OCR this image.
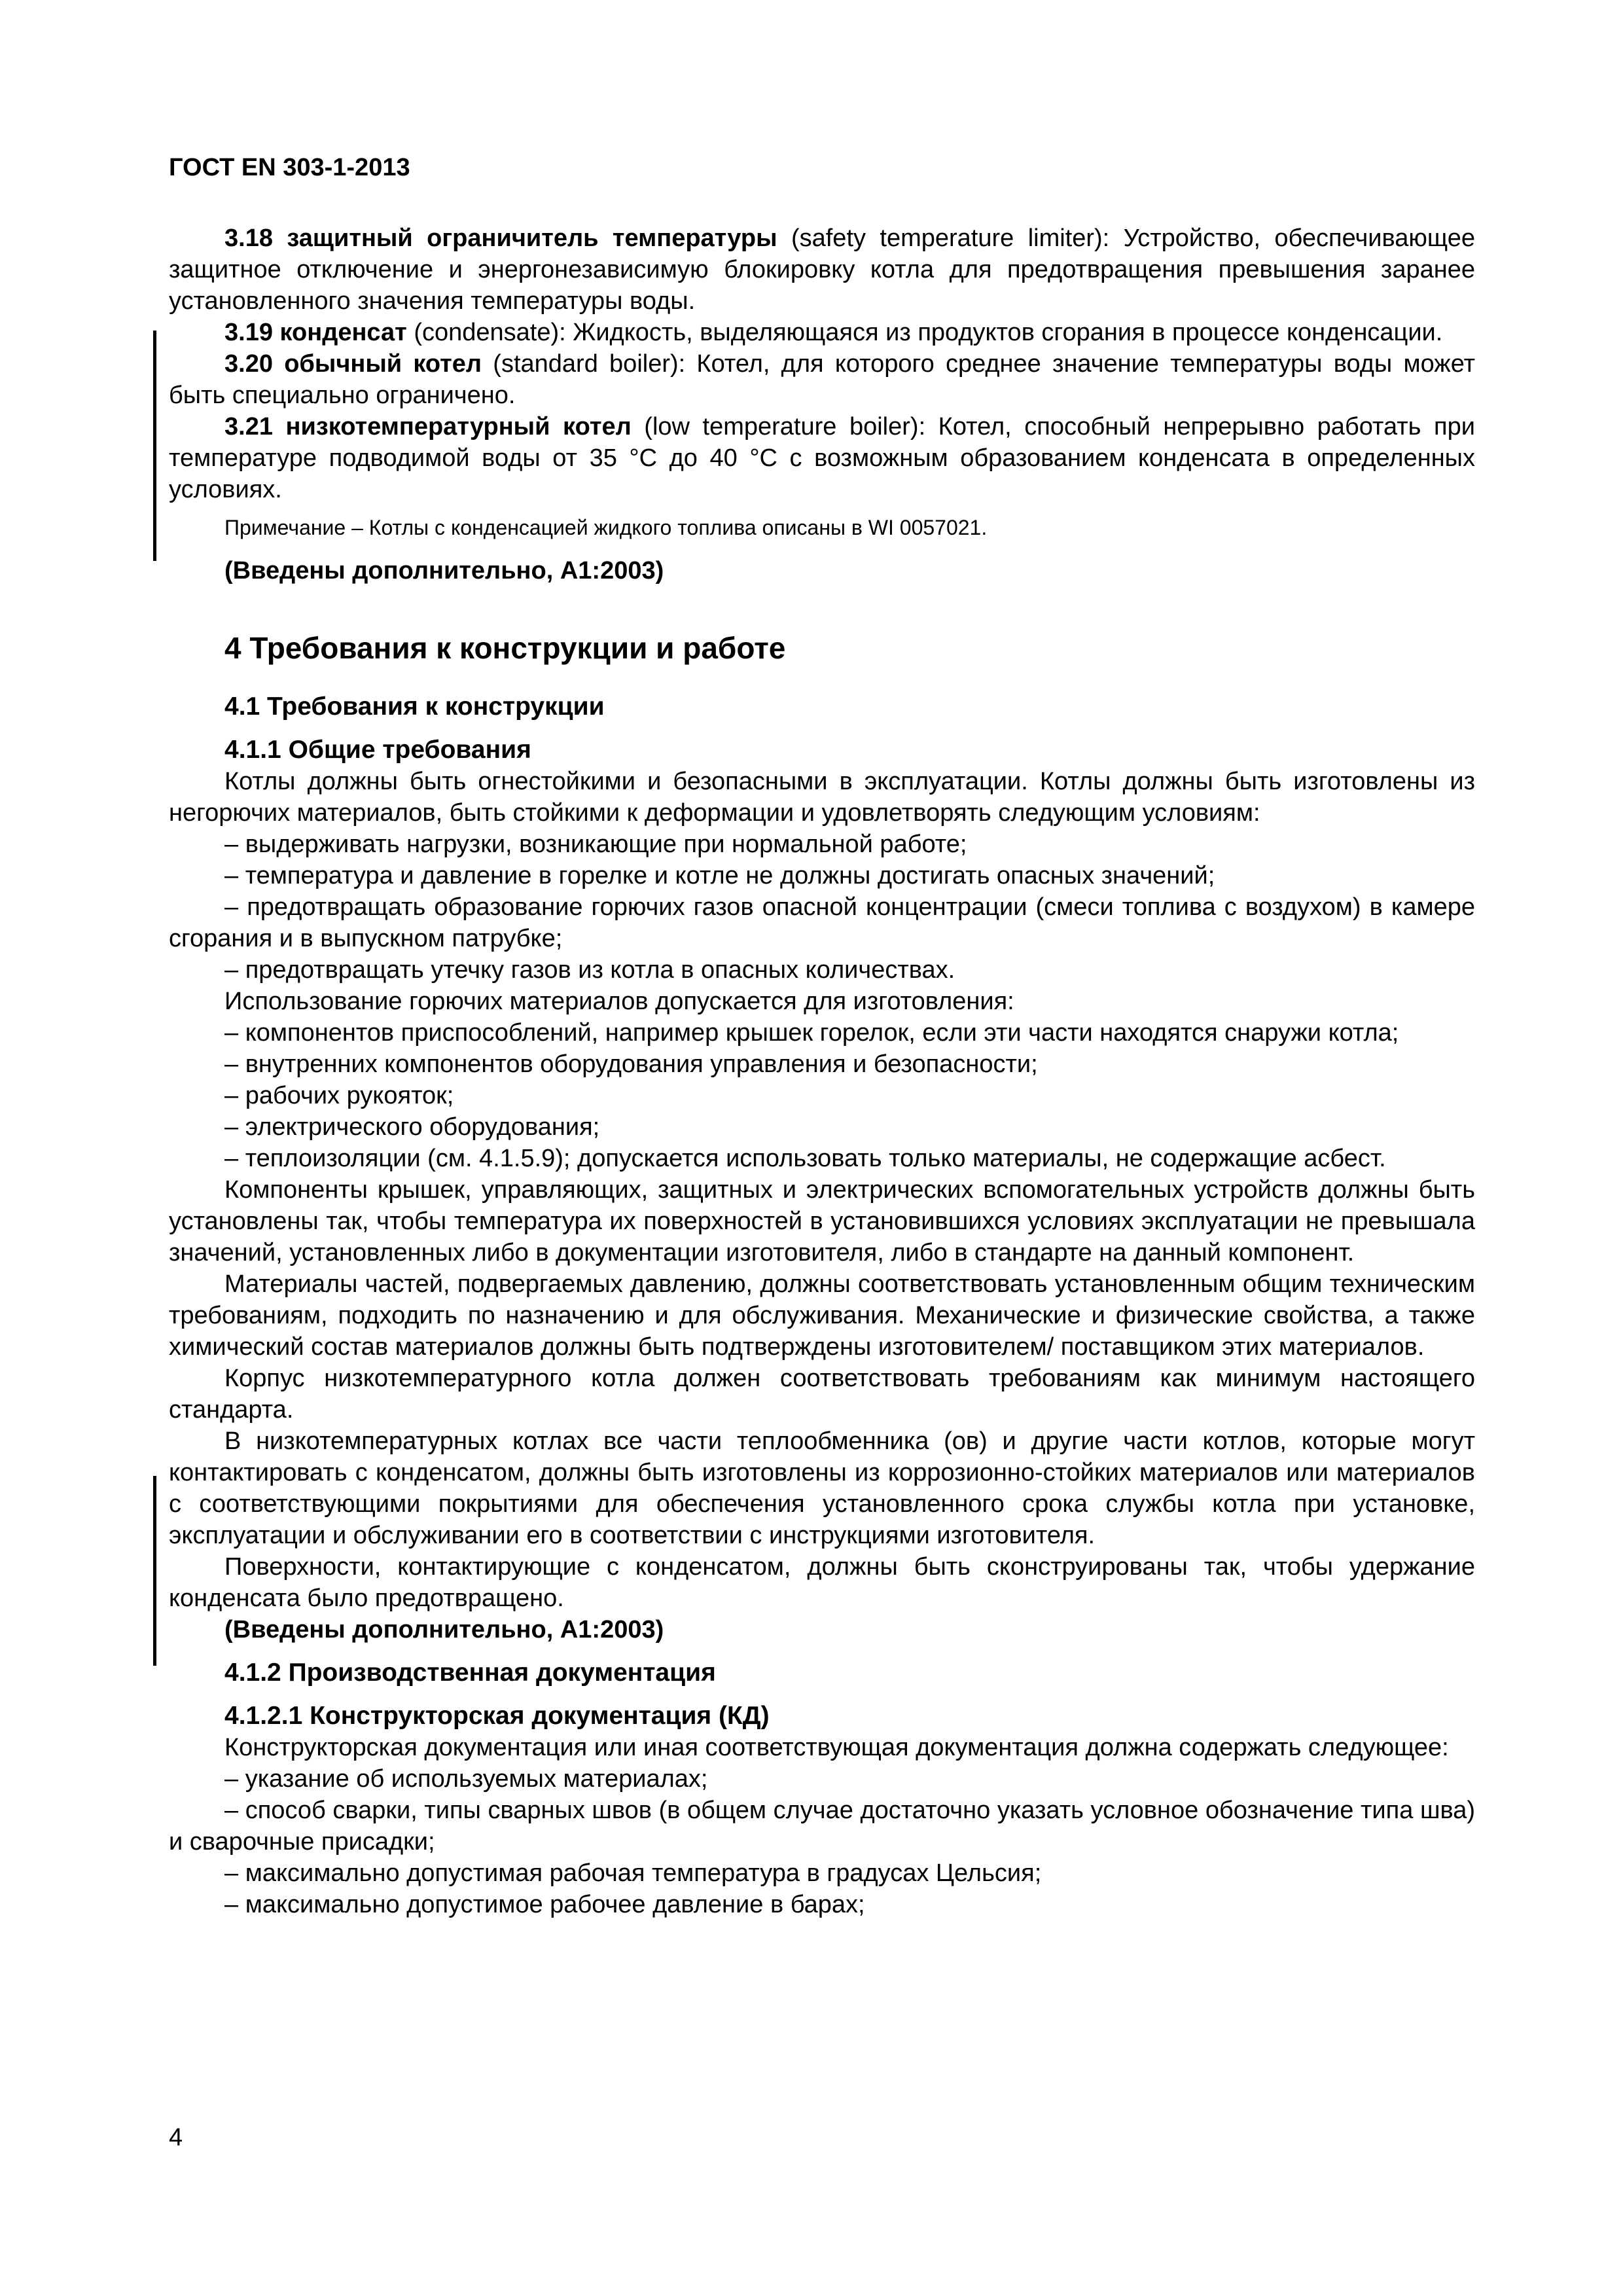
ГОСТ EN 303-1-2013

3.18 защитный ограничитель температуры (safety temperature limiter): Устройство, обеспечивающее защитное отключение и энергонезависимую блокировку котла для предотвращения превышения заранее установленного значения температуры воды.

3.19 конденсат (condensate): Жидкость, выделяющаяся из продуктов сгорания в процессе конденсации.

3.20 обычный котел (standard boiler): Котел, для которого среднее значение температуры воды может быть специально ограничено.

3.21 низкотемпературный котел (low temperature boiler): Котел, способный непрерывно работать при температуре подводимой воды от 35 °C до 40 °C с возможным образованием конденсата в определенных условиях.

Примечание – Котлы с конденсацией жидкого топлива описаны в WI 0057021.

(Введены дополнительно, А1:2003)

4 Требования к конструкции и работе

4.1 Требования к конструкции

4.1.1 Общие требования

Котлы должны быть огнестойкими и безопасными в эксплуатации. Котлы должны быть изготовлены из негорючих материалов, быть стойкими к деформации и удовлетворять следующим условиям:

– выдерживать нагрузки, возникающие при нормальной работе;

– температура и давление в горелке и котле не должны достигать опасных значений;

– предотвращать образование горючих газов опасной концентрации (смеси топлива с воздухом) в камере сгорания и в выпускном патрубке;

– предотвращать утечку газов из котла в опасных количествах.

Использование горючих материалов допускается для изготовления:

– компонентов приспособлений, например крышек горелок, если эти части находятся снаружи котла;

– внутренних компонентов оборудования управления и безопасности;

– рабочих рукояток;

– электрического оборудования;

– теплоизоляции (см. 4.1.5.9); допускается использовать только материалы, не содержащие асбест.

Компоненты крышек, управляющих, защитных и электрических вспомогательных устройств должны быть установлены так, чтобы температура их поверхностей в установившихся условиях эксплуатации не превышала значений, установленных либо в документации изготовителя, либо в стандарте на данный компонент.

Материалы частей, подвергаемых давлению, должны соответствовать установленным общим техническим требованиям, подходить по назначению и для обслуживания. Механические и физические свойства, а также химический состав материалов должны быть подтверждены изготовителем/ поставщиком этих материалов.

Корпус низкотемпературного котла должен соответствовать требованиям как минимум настоящего стандарта.

В низкотемпературных котлах все части теплообменника (ов) и другие части котлов, которые могут контактировать с конденсатом, должны быть изготовлены из коррозионно-стойких материалов или материалов с соответствующими покрытиями для обеспечения установленного срока службы котла при установке, эксплуатации и обслуживании его в соответствии с инструкциями изготовителя.

Поверхности, контактирующие с конденсатом, должны быть сконструированы так, чтобы удержание конденсата было предотвращено.

(Введены дополнительно, А1:2003)

4.1.2 Производственная документация

4.1.2.1 Конструкторская документация (КД)

Конструкторская документация или иная соответствующая документация должна содержать следующее:

– указание об используемых материалах;

– способ сварки, типы сварных швов (в общем случае достаточно указать условное обозначение типа шва) и сварочные присадки;

– максимально допустимая рабочая температура в градусах Цельсия;

– максимально допустимое рабочее давление в барах;

4
